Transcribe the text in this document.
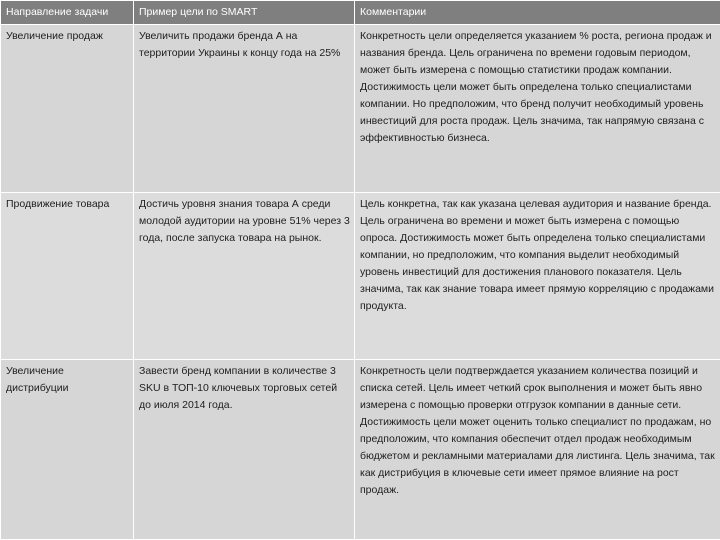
Направление задачи	Пример цели по SMART	Комментарии
Увеличение продаж	Увеличить продажи бренда А на территории Украины к концу года на 25%	Конкретность цели определяется указанием % роста, региона продаж и названия бренда. Цель ограничена по времени годовым периодом, может быть измерена с помощью статистики продаж компании. Достижимость цели может быть определена только специалистами компании. Но предположим, что бренд получит необходимый уровень инвестиций для роста продаж. Цель значима, так напрямую связана с эффективностью бизнеса.
Продвижение товара	Достичь уровня знания товара А среди молодой аудитории на уровне 51% через 3 года, после запуска товара на рынок.	Цель конкретна, так как указана целевая аудитория и название бренда. Цель ограничена во времени и может быть измерена с помощью опроса. Достижимость может быть определена только специалистами компании, но предположим, что компания выделит необходимый уровень инвестиций для достижения планового показателя. Цель значима, так как знание товара имеет прямую корреляцию с продажами продукта.
Увеличение дистрибуции	Завести бренд компании в количестве 3 SKU в ТОП-10 ключевых торговых сетей до июля 2014 года.	Конкретность цели подтверждается указанием количества позиций и списка сетей. Цель имеет четкий срок выполнения и может быть явно измерена с помощью проверки отгрузок компании в данные сети. Достижимость цели может оценить только специалист по продажам, но предположим, что компания обеспечит отдел продаж необходимым бюджетом и рекламными материалами для листинга. Цель значима, так как дистрибуция в ключевые сети имеет прямое влияние на рост продаж.
